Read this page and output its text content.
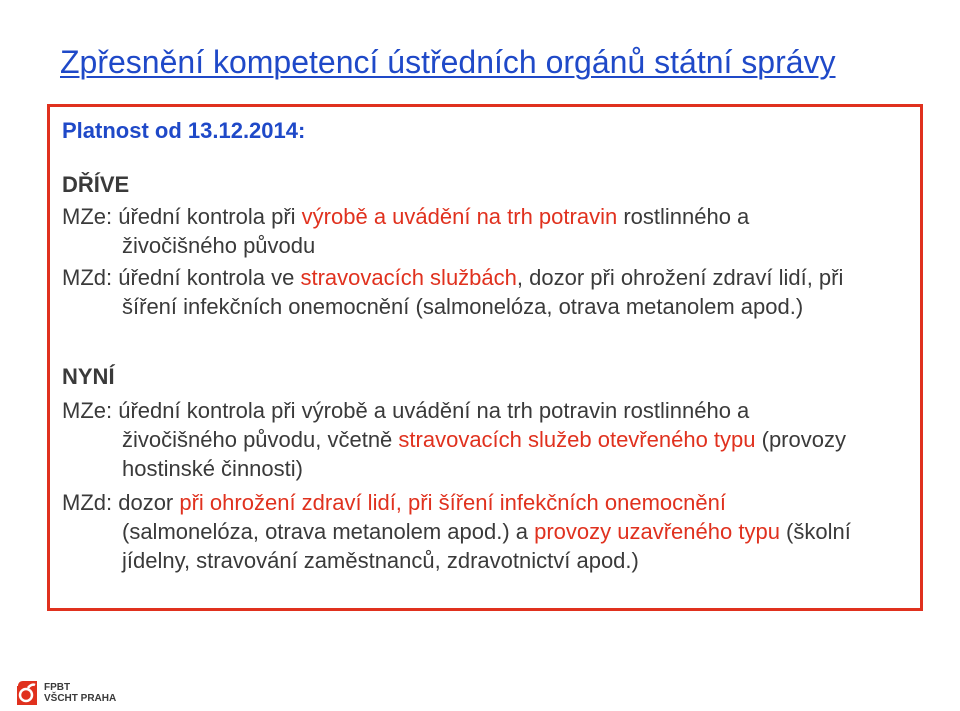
Zpřesnění kompetencí ústředních orgánů státní správy
Platnost od 13.12.2014:
DŘÍVE
MZe: úřední kontrola při výrobě a uvádění na trh potravin rostlinného a
živočišného původu
MZd: úřední kontrola ve stravovacích službách, dozor při ohrožení zdraví lidí, při
šíření infekčních onemocnění (salmonelóza, otrava metanolem apod.)
NYNÍ
MZe: úřední kontrola při výrobě a uvádění na trh potravin rostlinného a
živočišného původu, včetně stravovacích služeb otevřeného typu (provozy
hostinské činnosti)
MZd: dozor při ohrožení zdraví lidí, při šíření infekčních onemocnění
(salmonelóza, otrava metanolem apod.) a provozy uzavřeného typu (školní
jídelny, stravování zaměstnanců, zdravotnictví apod.)
FPBT
VŠCHT PRAHA
